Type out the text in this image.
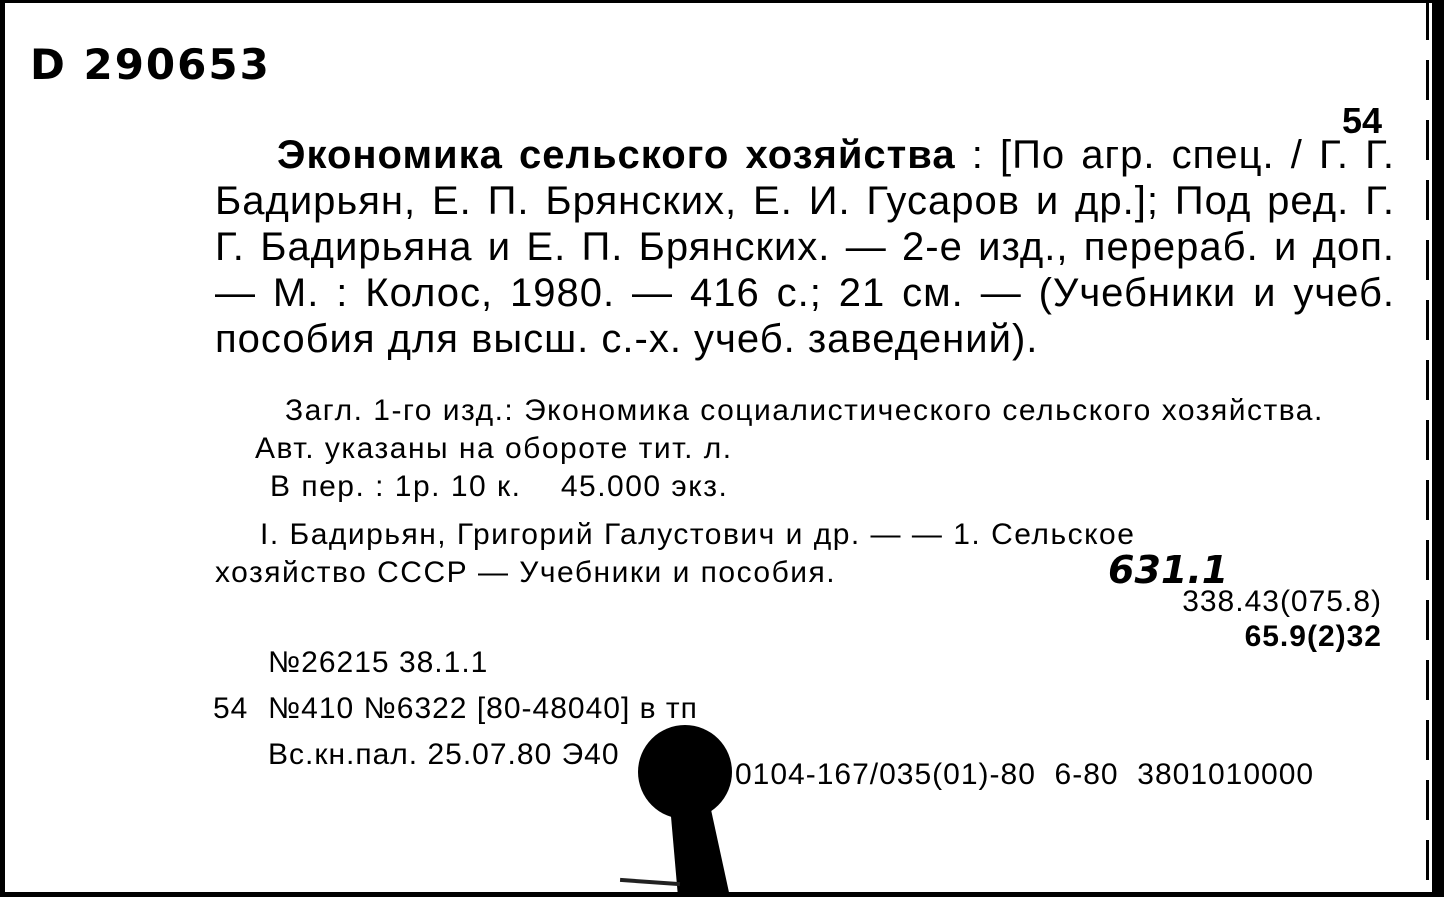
D 290653
54

Экономика сельского хозяйства : [По агр. спец. / Г. Г. Бадирьян, Е. П. Брянских, Е. И. Гусаров и др.]; Под ред. Г. Г. Бадирьяна и Е. П. Брянских. — 2-е изд., перераб. и доп. — М. : Колос, 1980. — 416 с.; 21 см. — (Учебники и учеб. пособия для высш. с.-х. учеб. заведений).

Загл. 1-го изд.: Экономика социалистического сельского хозяйства.

Авт. указаны на обороте тит. л.

В пер. : 1р. 10 к.    45.000 экз.

I. Бадирьян, Григорий Галустович и др. — — 1. Сельское хозяйство СССР — Учебники и пособия.	631.1
338.43(075.8)
65.9(2)32
№26215 38.1.1
54 №410 №6322 [80-48040] в тп
Вс.кн.пал. 25.07.80 Э40
0104-167/035(01)-80  6-80  3801010000
